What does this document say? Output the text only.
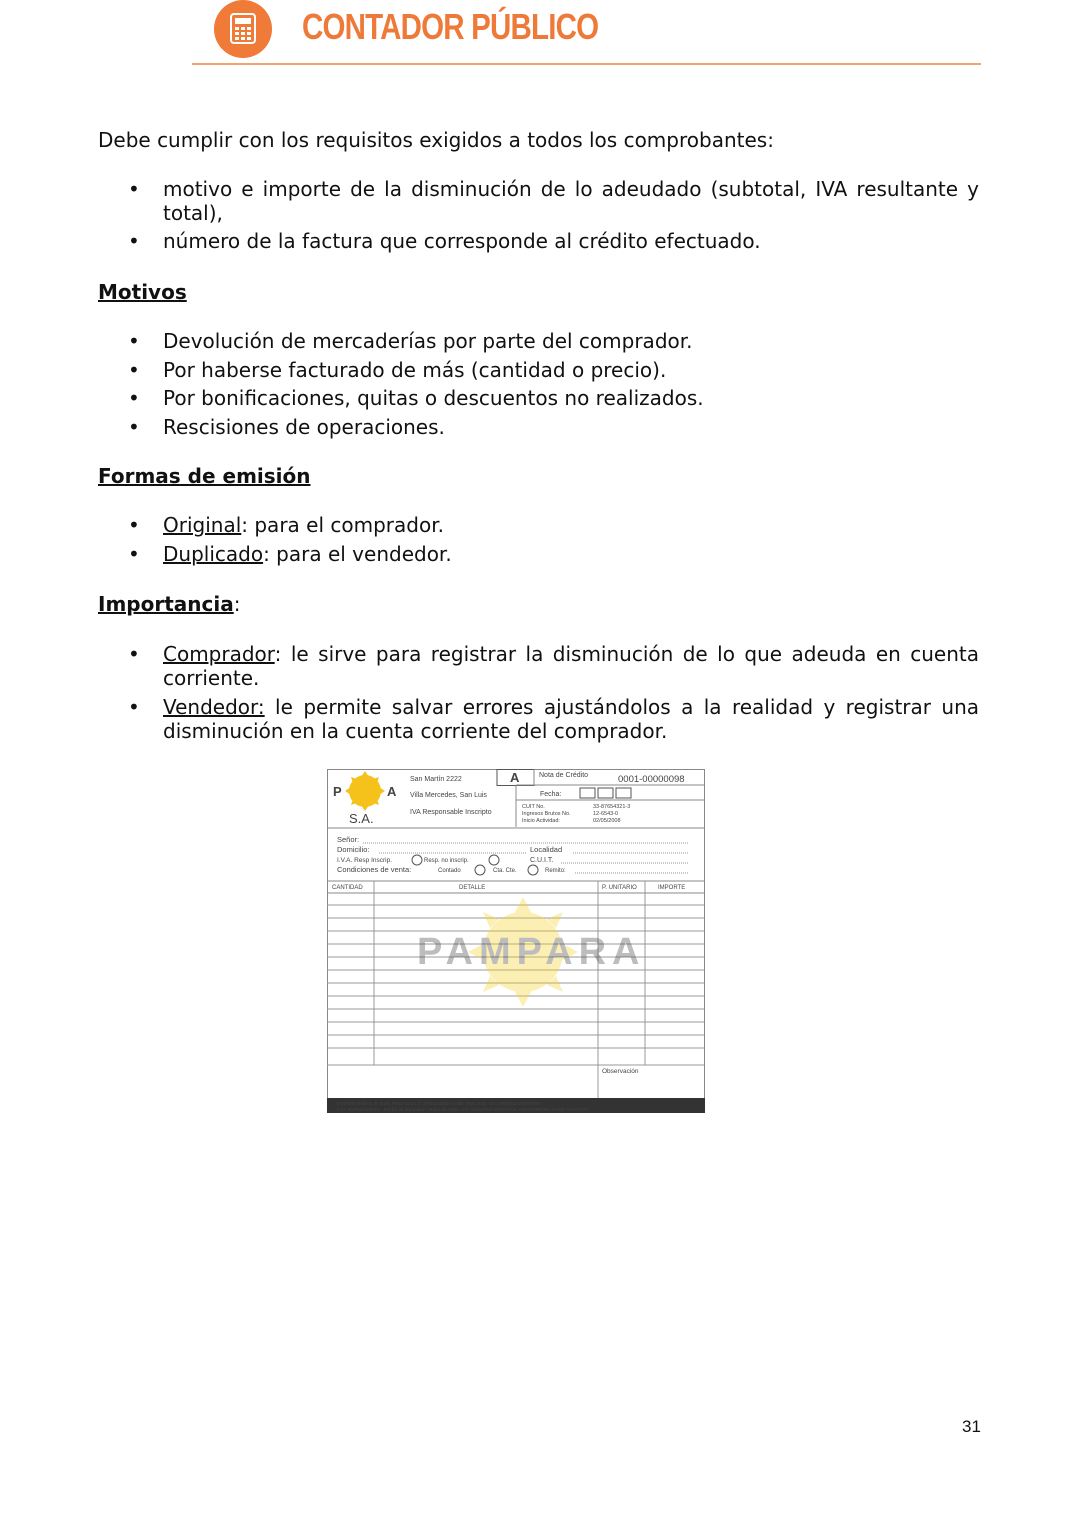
CONTADOR PÚBLICO

Debe cumplir con los requisitos exigidos a todos los comprobantes:

• motivo e importe de la disminución de lo adeudado (subtotal, IVA resultante y total),
• número de la factura que corresponde al crédito efectuado.

Motivos

• Devolución de mercaderías por parte del comprador.
• Por haberse facturado de más (cantidad o precio).
• Por bonificaciones, quitas o descuentos no realizados.
• Rescisiones de operaciones.

Formas de emisión

• Original: para el comprador.
• Duplicado: para el vendedor.

Importancia:

• Comprador: le sirve para registrar la disminución de lo que adeuda en cuenta corriente.
• Vendedor: le permite salvar errores ajustándolos a la realidad y registrar una disminución en la cuenta corriente del comprador.
P	A
S.A.
San Martín 2222
Villa Mercedes, San Luis
IVA Responsable Inscripto
A	Nota de Crédito	0001-00000098
Fecha:
CUIT No.	33-87654321-3
Ingresos Brutos No.	12-6543-0
Inicio Actividad:	02/05/2008
Señor:
Domicilio:	Localidad
I.V.A. Resp Inscrip.	Resp. no inscrip.	C.U.I.T.
Condiciones de venta:	Contado	Cta. Cte.	Remito:
CANTIDAD	DETALLE	P. UNITARIO	IMPORTE
PAMPARA
Observación
Imprimió Grafi-K de Juan Perez C.U.I.T. 20-11111111-4 Hab. Mun. Exp. No. 1994/4124/0004587
CAI: 357898119271 - Fecha de impresion: Mayo de 1999. Vto. Diciembre 2000 Nros. 000-00000001 al 000- 00000250
31
